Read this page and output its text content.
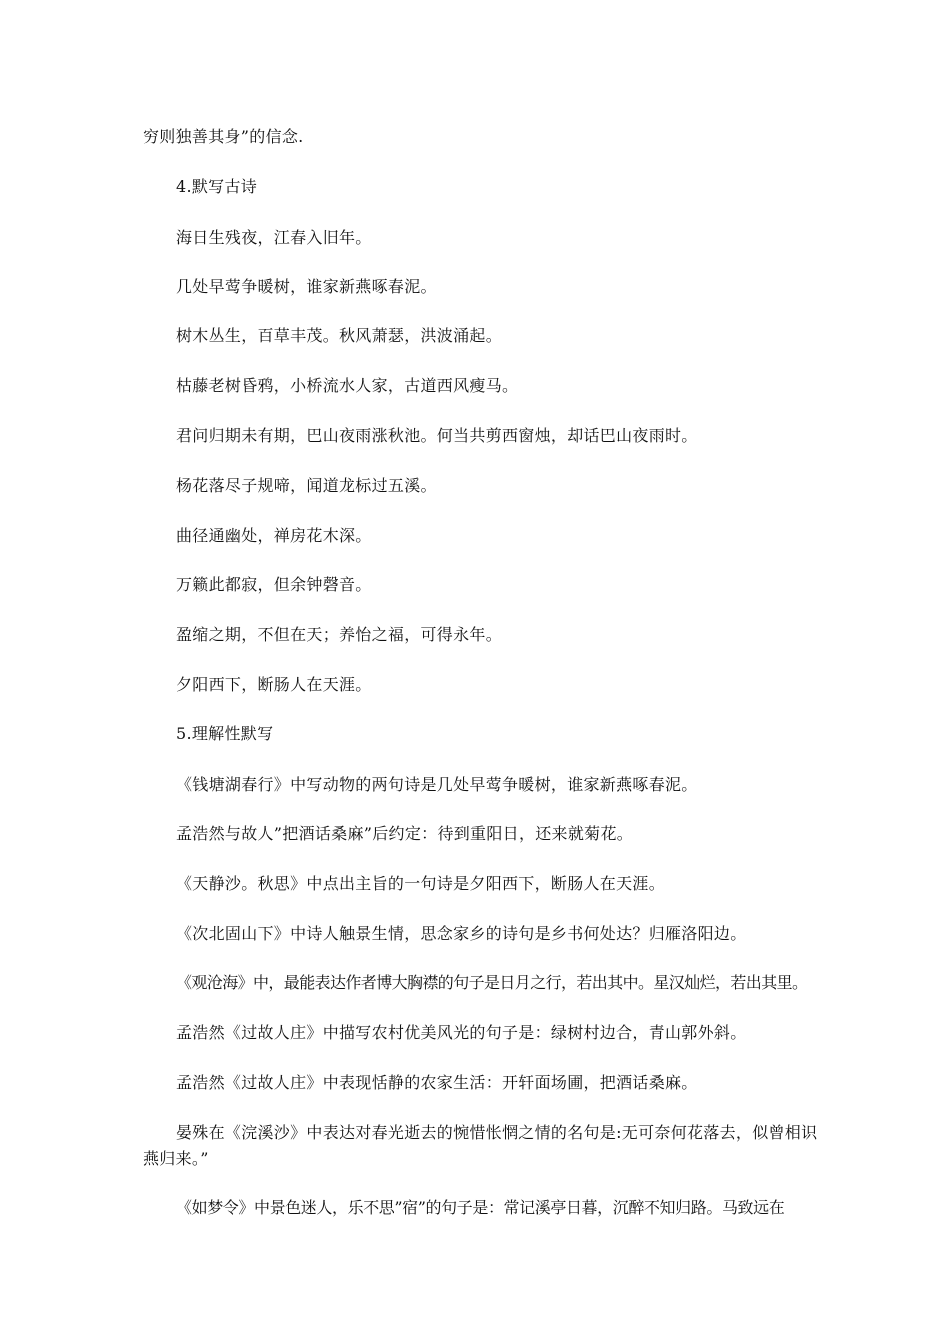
穷则独善其身”的信念.
4.默写古诗
海日生残夜，江春入旧年。
几处早莺争暖树，谁家新燕啄春泥。
树木丛生，百草丰茂。秋风萧瑟，洪波涌起。
枯藤老树昏鸦，小桥流水人家，古道西风瘦马。
君问归期未有期，巴山夜雨涨秋池。何当共剪西窗烛，却话巴山夜雨时。
杨花落尽子规啼，闻道龙标过五溪。
曲径通幽处，禅房花木深。
万籁此都寂，但余钟磬音。
盈缩之期，不但在天；养怡之福，可得永年。
夕阳西下，断肠人在天涯。
5.理解性默写
《钱塘湖春行》中写动物的两句诗是几处早莺争暖树，谁家新燕啄春泥。
孟浩然与故人”把酒话桑麻”后约定：待到重阳日，还来就菊花。
《天静沙。秋思》中点出主旨的一句诗是夕阳西下，断肠人在天涯。
《次北固山下》中诗人触景生情，思念家乡的诗句是乡书何处达？归雁洛阳边。
《观沧海》中，最能表达作者博大胸襟的句子是日月之行，若出其中。星汉灿烂，若出其里。
孟浩然《过故人庄》中描写农村优美风光的句子是：绿树村边合，青山郭外斜。
孟浩然《过故人庄》中表现恬静的农家生活：开轩面场圃，把酒话桑麻。
晏殊在《浣溪沙》中表达对春光逝去的惋惜怅惘之情的名句是:无可奈何花落去，似曾相识燕归来。”
《如梦令》中景色迷人，乐不思”宿”的句子是：常记溪亭日暮，沉醉不知归路。马致远在
